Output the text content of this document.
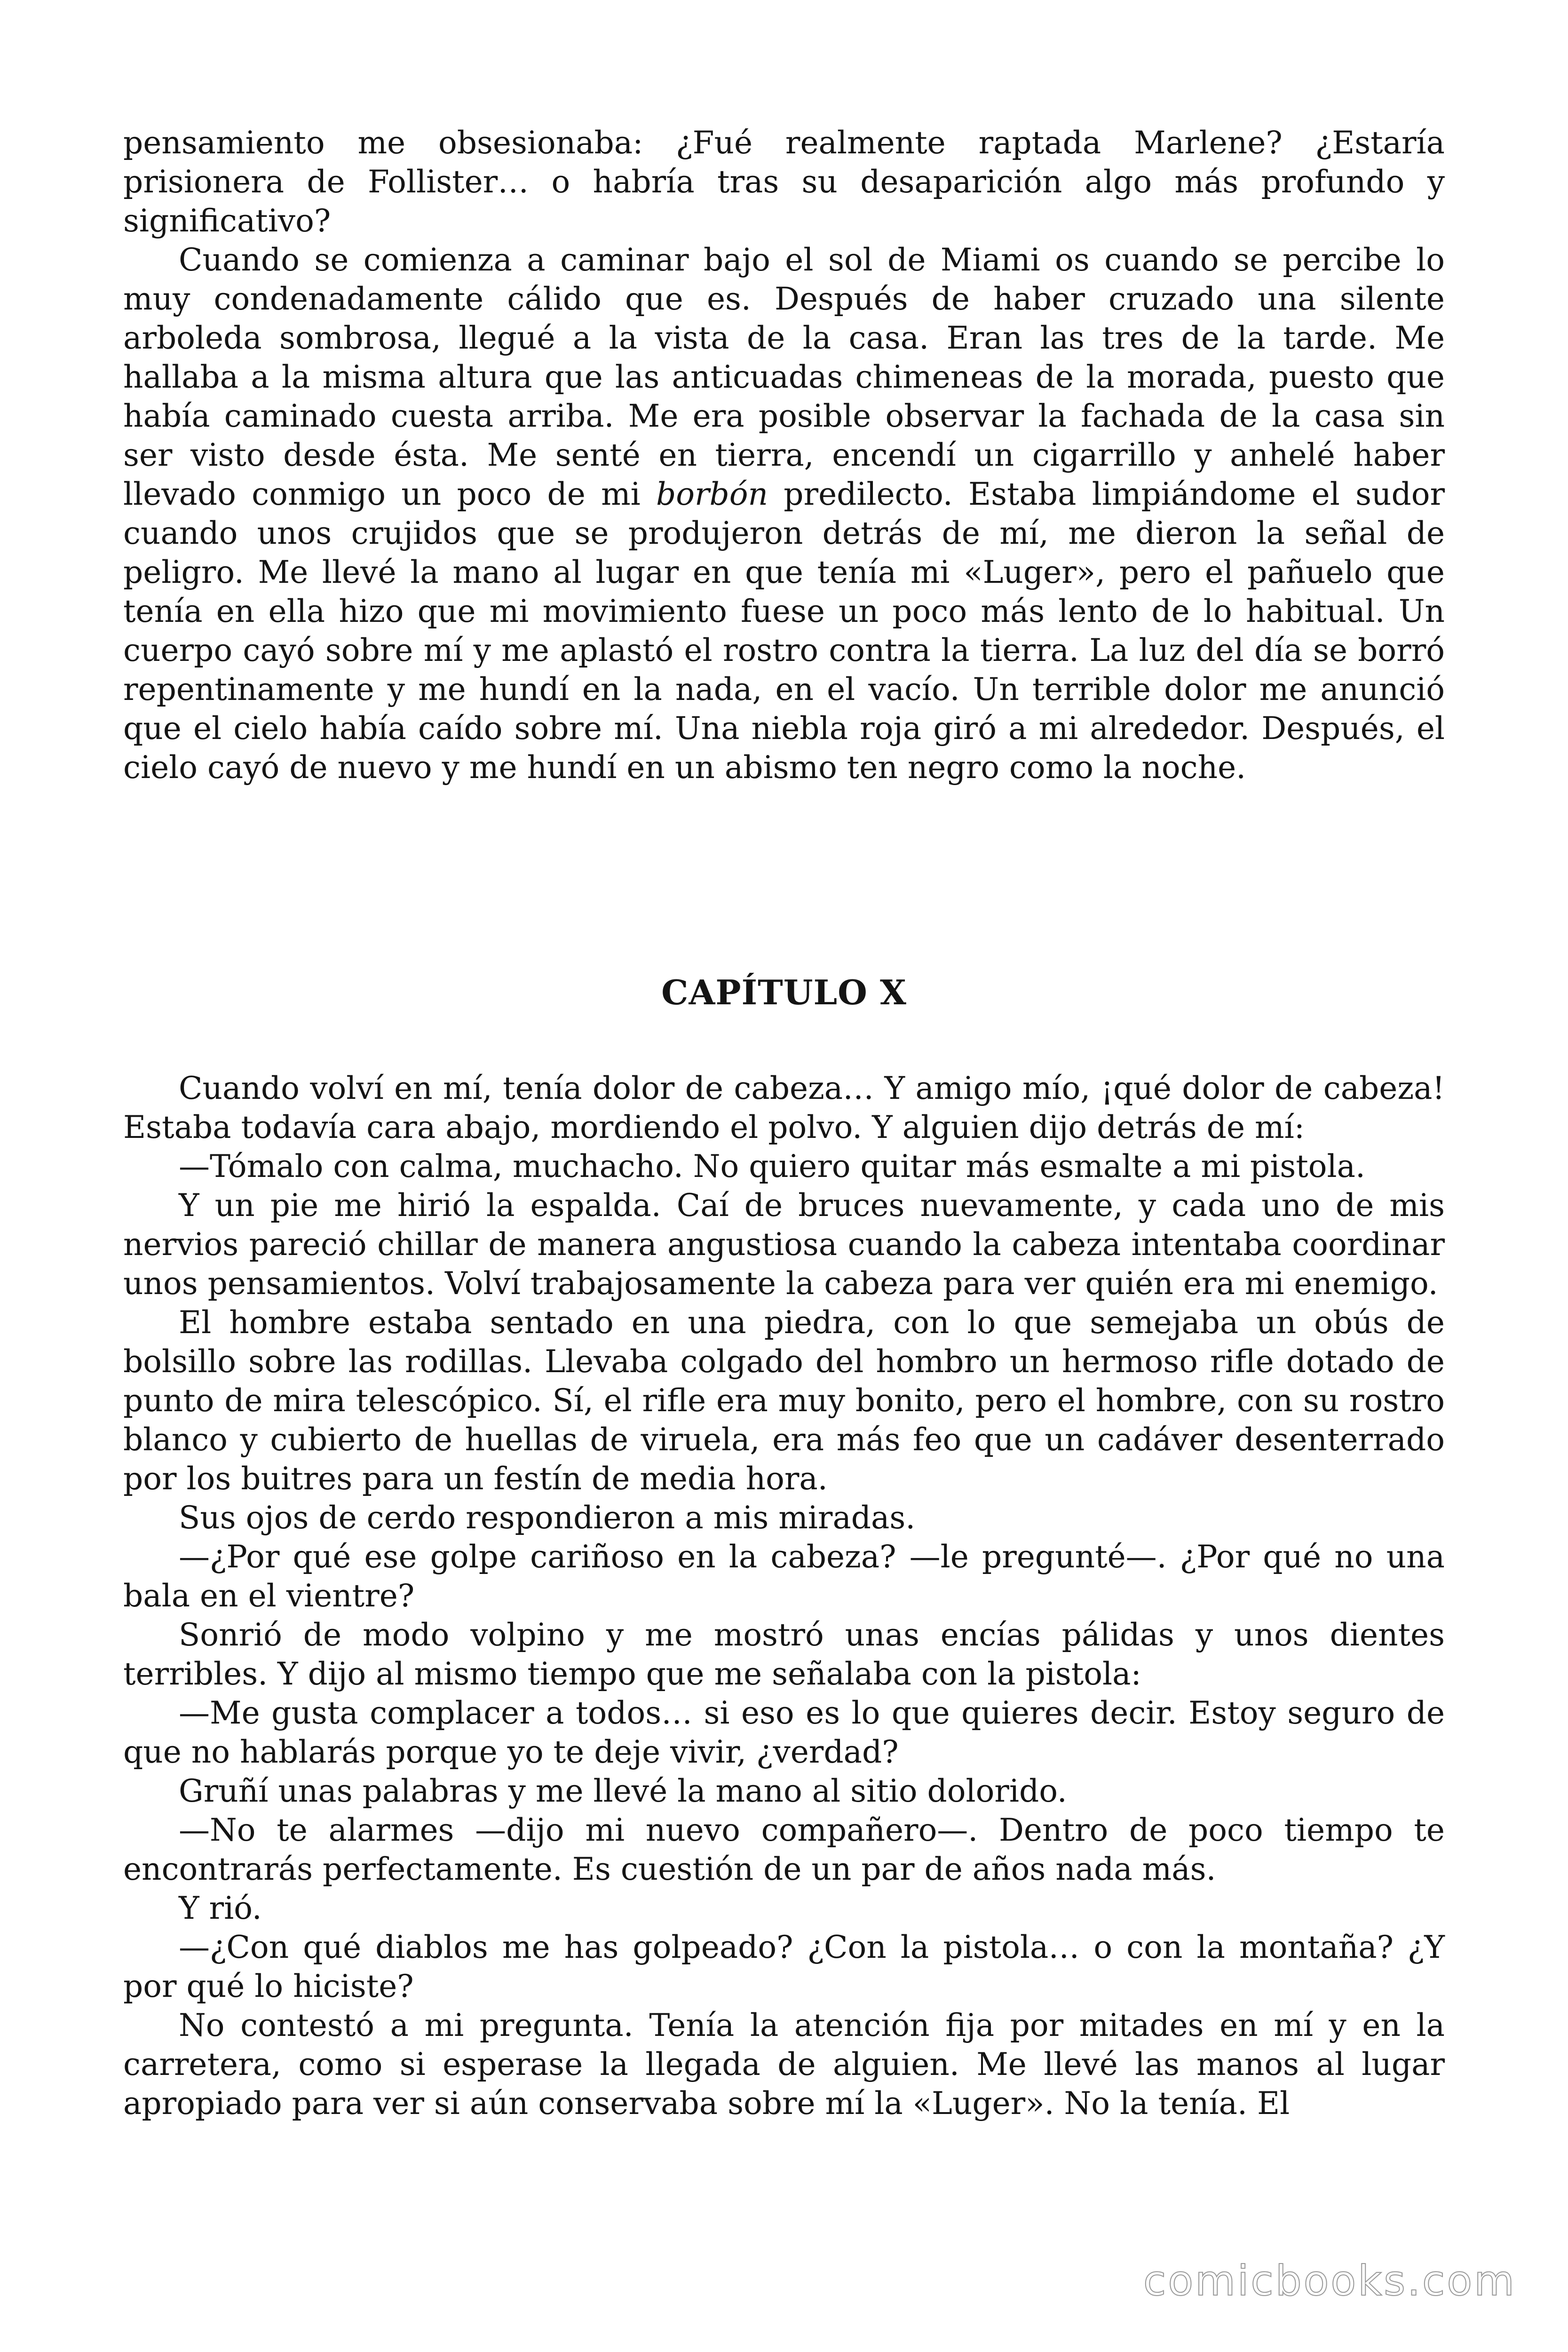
pensamiento me obsesionaba: ¿Fué realmente raptada Marlene? ¿Estaría prisionera de Follister… o habría tras su desaparición algo más profundo y significativo?

Cuando se comienza a caminar bajo el sol de Miami os cuando se percibe lo muy condenadamente cálido que es. Después de haber cruzado una silente arboleda sombrosa, llegué a la vista de la casa. Eran las tres de la tarde. Me hallaba a la misma altura que las anticuadas chimeneas de la morada, puesto que había caminado cuesta arriba. Me era posible observar la fachada de la casa sin ser visto desde ésta. Me senté en tierra, encendí un cigarrillo y anhelé haber llevado conmigo un poco de mi borbón predilecto. Estaba limpiándome el sudor cuando unos crujidos que se produjeron detrás de mí, me dieron la señal de peligro. Me llevé la mano al lugar en que tenía mi «Luger», pero el pañuelo que tenía en ella hizo que mi movimiento fuese un poco más lento de lo habitual. Un cuerpo cayó sobre mí y me aplastó el rostro contra la tierra. La luz del día se borró repentinamente y me hundí en la nada, en el vacío. Un terrible dolor me anunció que el cielo había caído sobre mí. Una niebla roja giró a mi alrededor. Después, el cielo cayó de nuevo y me hundí en un abismo ten negro como la noche.

CAPÍTULO X

Cuando volví en mí, tenía dolor de cabeza… Y amigo mío, ¡qué dolor de cabeza! Estaba todavía cara abajo, mordiendo el polvo. Y alguien dijo detrás de mí:

—Tómalo con calma, muchacho. No quiero quitar más esmalte a mi pistola.

Y un pie me hirió la espalda. Caí de bruces nuevamente, y cada uno de mis nervios pareció chillar de manera angustiosa cuando la cabeza intentaba coordinar unos pensamientos. Volví trabajosamente la cabeza para ver quién era mi enemigo.

El hombre estaba sentado en una piedra, con lo que semejaba un obús de bolsillo sobre las rodillas. Llevaba colgado del hombro un hermoso rifle dotado de punto de mira telescópico. Sí, el rifle era muy bonito, pero el hombre, con su rostro blanco y cubierto de huellas de viruela, era más feo que un cadáver desenterrado por los buitres para un festín de media hora.

Sus ojos de cerdo respondieron a mis miradas.

—¿Por qué ese golpe cariñoso en la cabeza? —le pregunté—. ¿Por qué no una bala en el vientre?

Sonrió de modo volpino y me mostró unas encías pálidas y unos dientes terribles. Y dijo al mismo tiempo que me señalaba con la pistola:

—Me gusta complacer a todos… si eso es lo que quieres decir. Estoy seguro de que no hablarás porque yo te deje vivir, ¿verdad?

Gruñí unas palabras y me llevé la mano al sitio dolorido.

—No te alarmes —dijo mi nuevo compañero—. Dentro de poco tiempo te encontrarás perfectamente. Es cuestión de un par de años nada más.

Y rió.

—¿Con qué diablos me has golpeado? ¿Con la pistola… o con la montaña? ¿Y por qué lo hiciste?

No contestó a mi pregunta. Tenía la atención fija por mitades en mí y en la carretera, como si esperase la llegada de alguien. Me llevé las manos al lugar apropiado para ver si aún conservaba sobre mí la «Luger». No la tenía. El

comicbooks.com
